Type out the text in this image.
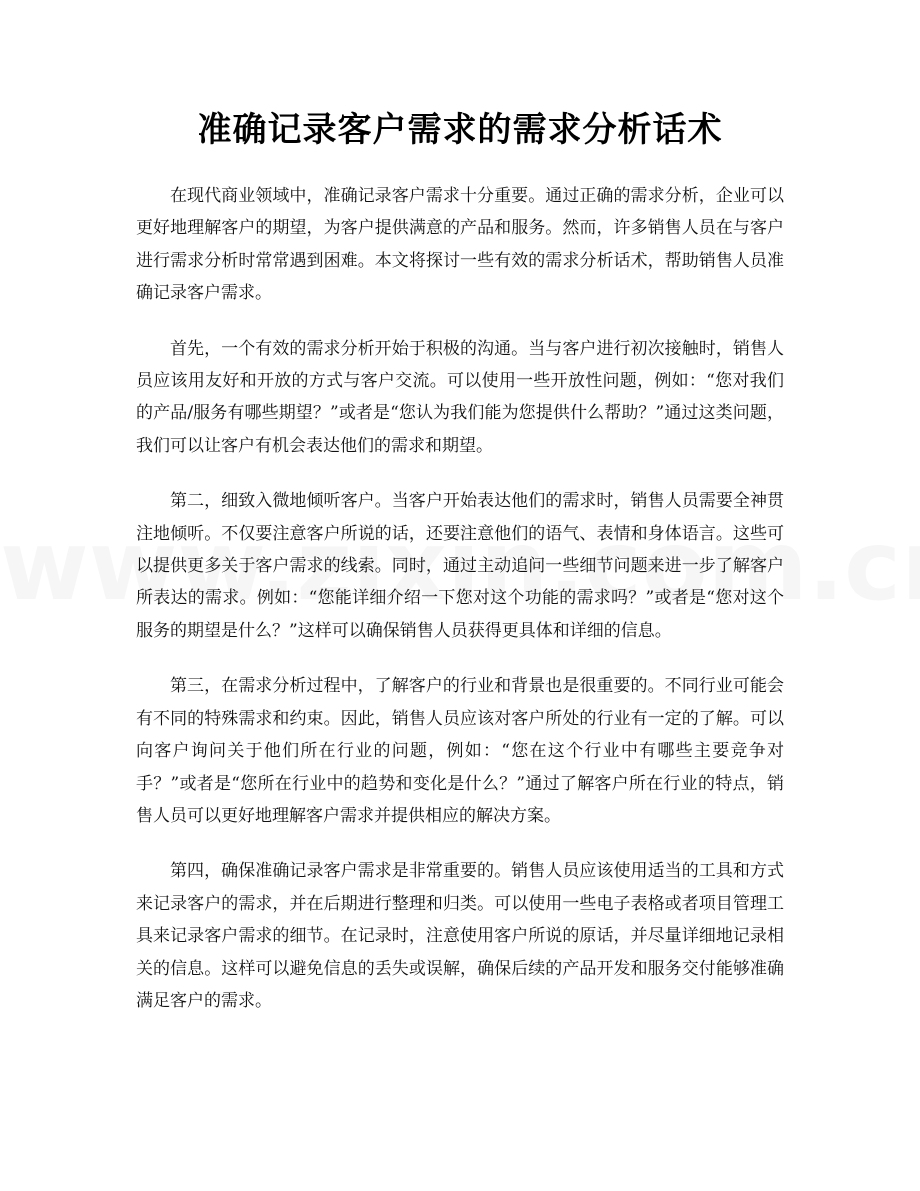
准确记录客户需求的需求分析话术

在现代商业领域中，准确记录客户需求十分重要。通过正确的需求分析，企业可以更好地理解客户的期望，为客户提供满意的产品和服务。然而，许多销售人员在与客户进行需求分析时常常遇到困难。本文将探讨一些有效的需求分析话术，帮助销售人员准确记录客户需求。

首先，一个有效的需求分析开始于积极的沟通。当与客户进行初次接触时，销售人员应该用友好和开放的方式与客户交流。可以使用一些开放性问题，例如：“您对我们的产品/服务有哪些期望？”或者是“您认为我们能为您提供什么帮助？”通过这类问题，我们可以让客户有机会表达他们的需求和期望。

第二，细致入微地倾听客户。当客户开始表达他们的需求时，销售人员需要全神贯注地倾听。不仅要注意客户所说的话，还要注意他们的语气、表情和身体语言。这些可以提供更多关于客户需求的线索。同时，通过主动追问一些细节问题来进一步了解客户所表达的需求。例如：“您能详细介绍一下您对这个功能的需求吗？”或者是“您对这个服务的期望是什么？”这样可以确保销售人员获得更具体和详细的信息。

第三，在需求分析过程中，了解客户的行业和背景也是很重要的。不同行业可能会有不同的特殊需求和约束。因此，销售人员应该对客户所处的行业有一定的了解。可以向客户询问关于他们所在行业的问题，例如：“您在这个行业中有哪些主要竞争对手？”或者是“您所在行业中的趋势和变化是什么？”通过了解客户所在行业的特点，销售人员可以更好地理解客户需求并提供相应的解决方案。

第四，确保准确记录客户需求是非常重要的。销售人员应该使用适当的工具和方式来记录客户的需求，并在后期进行整理和归类。可以使用一些电子表格或者项目管理工具来记录客户需求的细节。在记录时，注意使用客户所说的原话，并尽量详细地记录相关的信息。这样可以避免信息的丢失或误解，确保后续的产品开发和服务交付能够准确满足客户的需求。
